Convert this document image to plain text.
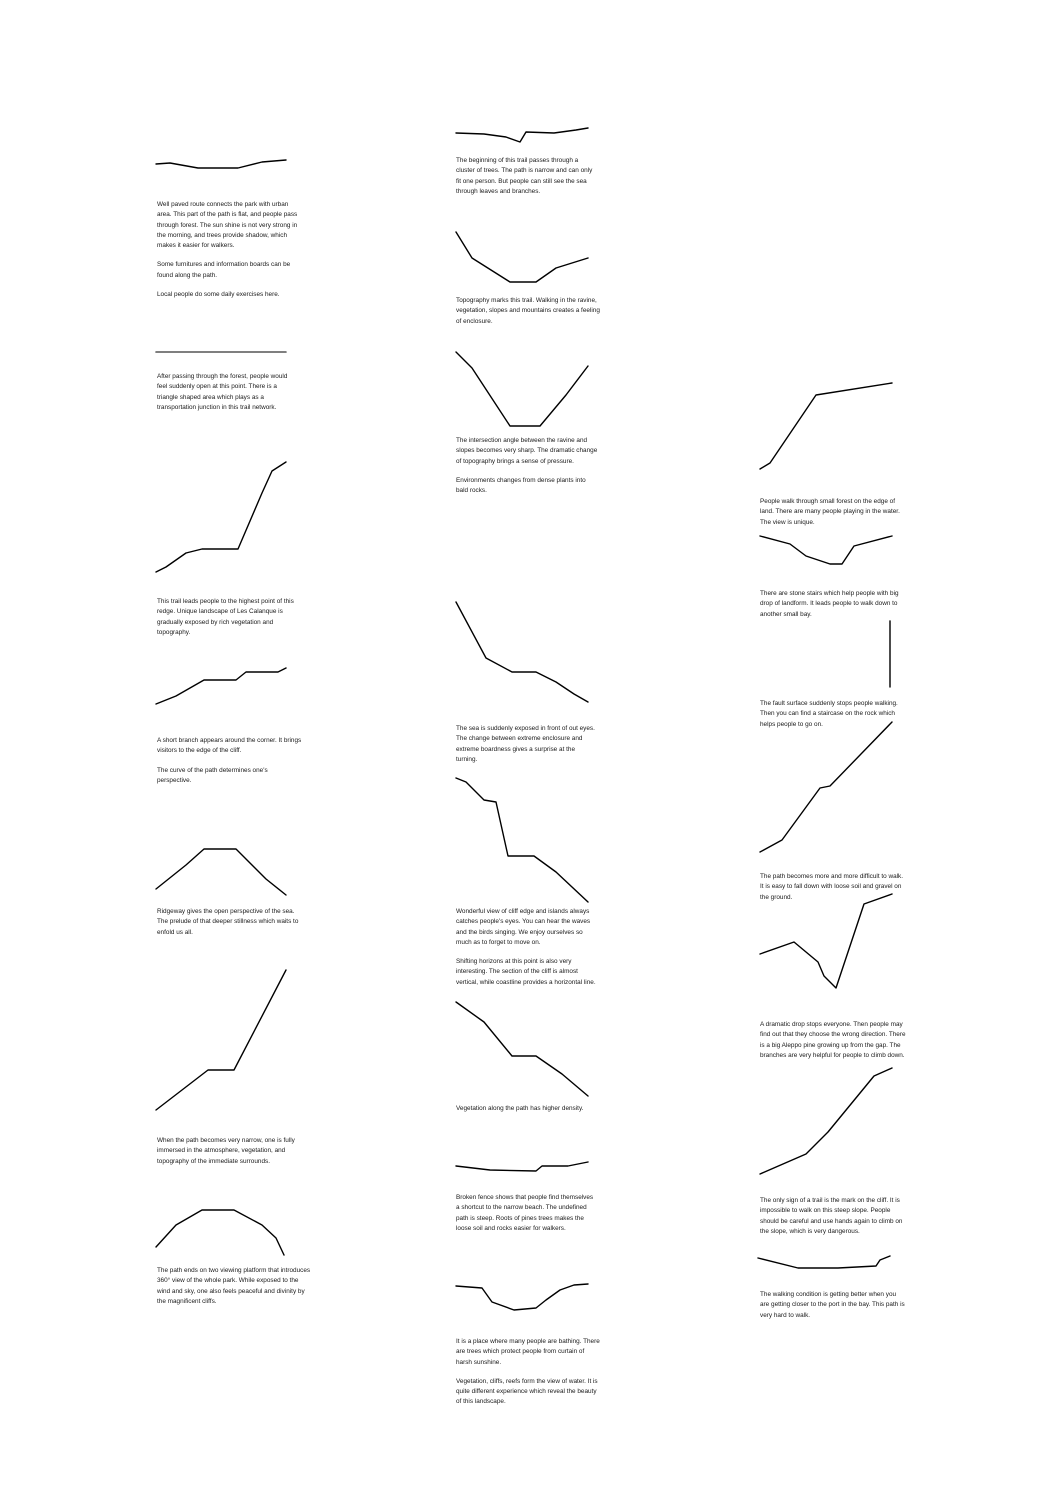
Well paved route connects the park with urban area. This part of the path is flat, and people pass through forest. The sun shine is not very strong in the morning, and trees provide shadow, which makes it easier for walkers.

Some furnitures and information boards can be found along the path.

Local people do some daily exercises here.

After passing through the forest, people would feel suddenly open at this point. There is a triangle shaped area which plays as a transportation junction in this trail network.

This trail leads people to the highest point of this redge. Unique landscape of Les Calanque is gradually exposed by rich vegetation and topography.

A short branch appears around the corner. It brings visitors to the edge of the cliff.

The curve of the path determines one's perspective.

Ridgeway gives the open perspective of the sea. The prelude of that deeper stillness which waits to enfold us all.

When the path becomes very narrow, one is fully immersed in the atmosphere, vegetation, and topography of the immediate surrounds.

The path ends on two viewing platform that introduces 360° view of the whole park. While exposed to the wind and sky, one also feels peaceful and divinity by the magnificent cliffs.

The beginning of this trail passes through a cluster of trees. The path is narrow and can only fit one person. But people can still see the sea through leaves and branches.

Topography marks this trail. Walking in the ravine, vegetation, slopes and mountains creates a feeling of enclosure.

The intersection angle between the ravine and slopes becomes very sharp. The dramatic change of topography brings a sense of pressure.

Environments changes from dense plants into bald rocks.

The sea is suddenly exposed in front of out eyes. The change between extreme enclosure and extreme boardness gives a surprise at the turning.

Wonderful view of cliff edge and islands always catches people's eyes. You can hear the waves and the birds singing. We enjoy ourselves so much as to forget to move on.

Shifting horizons at this point is also very interesting. The section of the cliff is almost vertical, while coastline provides a horizontal line.

Vegetation along the path has higher density.

Broken fence shows that people find themselves a shortcut to the narrow beach. The undefined path is steep. Roots of pines trees makes the loose soil and rocks easier for walkers.

It is a place where many people are bathing. There are trees which protect people from curtain of harsh sunshine.

Vegetation, cliffs, reefs form the view of water. It is quite different experience which reveal the beauty of this landscape.

People walk through small forest on the edge of land. There are many people playing in the water. The view is unique.

There are stone stairs which help people with big drop of landform. It leads people to walk down to another small bay.

The fault surface suddenly stops people walking. Then you can find a staircase on the rock which helps people to go on.

The path becomes more and more difficult to walk. It is easy to fall down with loose soil and gravel on the ground.

A dramatic drop stops everyone. Then people may find out that they choose the wrong direction. There is a big Aleppo pine growing up from the gap. The branches are very helpful for people to climb down.

The only sign of a trail is the mark on the cliff. It is impossible to walk on this steep slope. People should be careful and use hands again to climb on the slope, which is very dangerous.

The walking condition is getting better when you are getting closer to the port in the bay. This path is very hard to walk.
